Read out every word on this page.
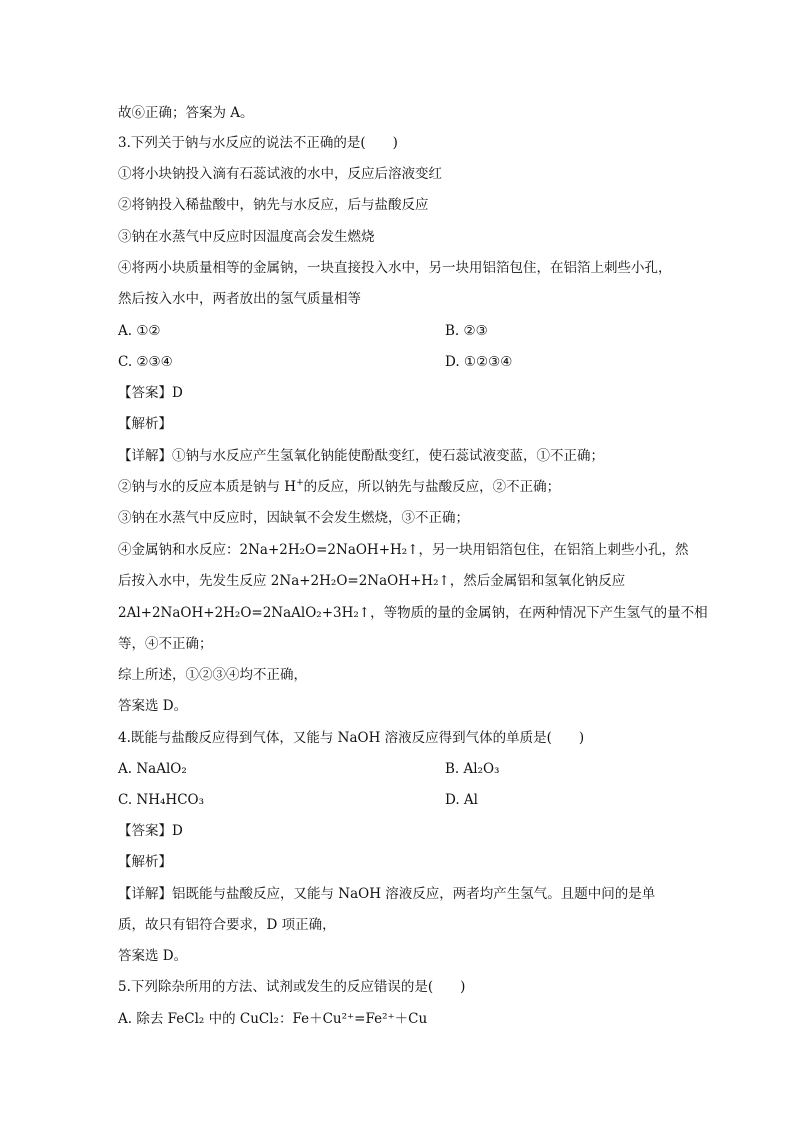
故⑥正确；答案为 A。
3.下列关于钠与水反应的说法不正确的是(　　)
①将小块钠投入滴有石蕊试液的水中，反应后溶液变红
②将钠投入稀盐酸中，钠先与水反应，后与盐酸反应
③钠在水蒸气中反应时因温度高会发生燃烧
④将两小块质量相等的金属钠，一块直接投入水中，另一块用铝箔包住，在铝箔上刺些小孔，
然后按入水中，两者放出的氢气质量相等
A. ①②	B. ②③
C. ②③④	D. ①②③④
【答案】D
【解析】
【详解】①钠与水反应产生氢氧化钠能使酚酞变红，使石蕊试液变蓝，①不正确；
②钠与水的反应本质是钠与 H+的反应，所以钠先与盐酸反应，②不正确；
③钠在水蒸气中反应时，因缺氧不会发生燃烧，③不正确；
④金属钠和水反应：2Na+2H₂O=2NaOH+H₂↑，另一块用铝箔包住，在铝箔上刺些小孔，然
后按入水中，先发生反应 2Na+2H₂O=2NaOH+H₂↑，然后金属铝和氢氧化钠反应
2Al+2NaOH+2H₂O=2NaAlO₂+3H₂↑，等物质的量的金属钠，在两种情况下产生氢气的量不相
等，④不正确；
综上所述，①②③④均不正确，
答案选 D。
4.既能与盐酸反应得到气体，又能与 NaOH 溶液反应得到气体的单质是(　　)
A. NaAlO₂	B. Al₂O₃
C. NH₄HCO₃	D. Al
【答案】D
【解析】
【详解】铝既能与盐酸反应，又能与 NaOH 溶液反应，两者均产生氢气。且题中问的是单
质，故只有铝符合要求，D 项正确，
答案选 D。
5.下列除杂所用的方法、试剂或发生的反应错误的是(　　)
A. 除去 FeCl₂ 中的 CuCl₂：Fe＋Cu²⁺=Fe²⁺＋Cu
